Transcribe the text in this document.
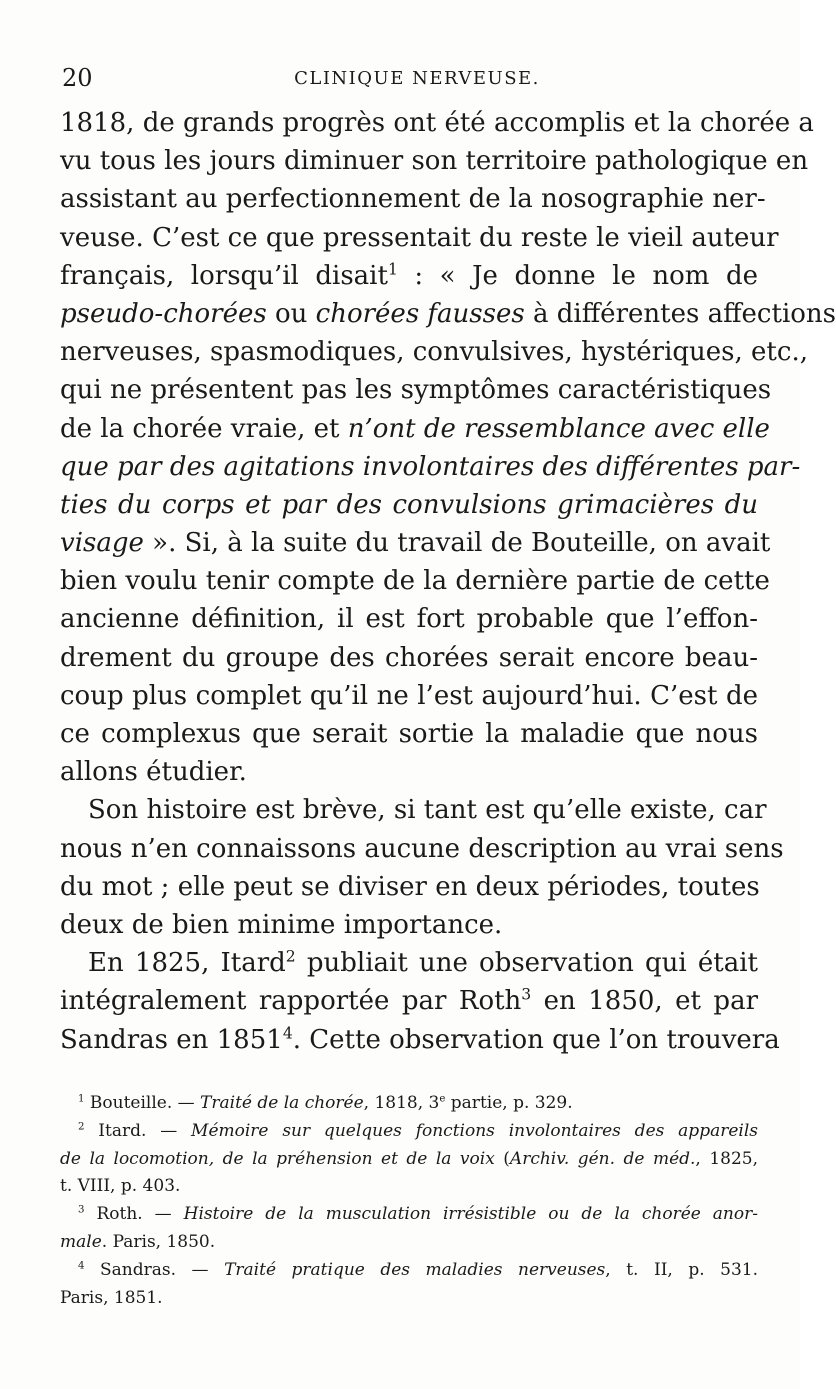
20	CLINIQUE NERVEUSE.
1818, de grands progrès ont été accomplis et la chorée a
vu tous les jours diminuer son territoire pathologique en
assistant au perfectionnement de la nosographie ner-
veuse. C’est ce que pressentait du reste le vieil auteur
français, lorsqu’il disait$^1$ : « Je donne le nom de
pseudo-chorées ou chorées fausses à différentes affections
nerveuses, spasmodiques, convulsives, hystériques, etc.,
qui ne présentent pas les symptômes caractéristiques
de la chorée vraie, et n’ont de ressemblance avec elle
que par des agitations involontaires des différentes par-
ties du corps et par des convulsions grimacières du
visage ». Si, à la suite du travail de Bouteille, on avait
bien voulu tenir compte de la dernière partie de cette
ancienne définition, il est fort probable que l’effon-
drement du groupe des chorées serait encore beau-
coup plus complet qu’il ne l’est aujourd’hui. C’est de
ce complexus que serait sortie la maladie que nous
allons étudier.
Son histoire est brève, si tant est qu’elle existe, car
nous n’en connaissons aucune description au vrai sens
du mot ; elle peut se diviser en deux périodes, toutes
deux de bien minime importance.
En 1825, Itard$^2$ publiait une observation qui était
intégralement rapportée par Roth$^3$ en 1850, et par
Sandras en 1851$^4$. Cette observation que l’on trouvera
$^1$ Bouteille. — Traité de la chorée, 1818, 3e partie, p. 329.
$^2$ Itard. — Mémoire sur quelques fonctions involontaires des appareils
de la locomotion, de la préhension et de la voix (Archiv. gén. de méd., 1825,
t. VIII, p. 403.
$^3$ Roth. — Histoire de la musculation irrésistible ou de la chorée anor-
male. Paris, 1850.
$^4$ Sandras. — Traité pratique des maladies nerveuses, t. II, p. 531.
Paris, 1851.
